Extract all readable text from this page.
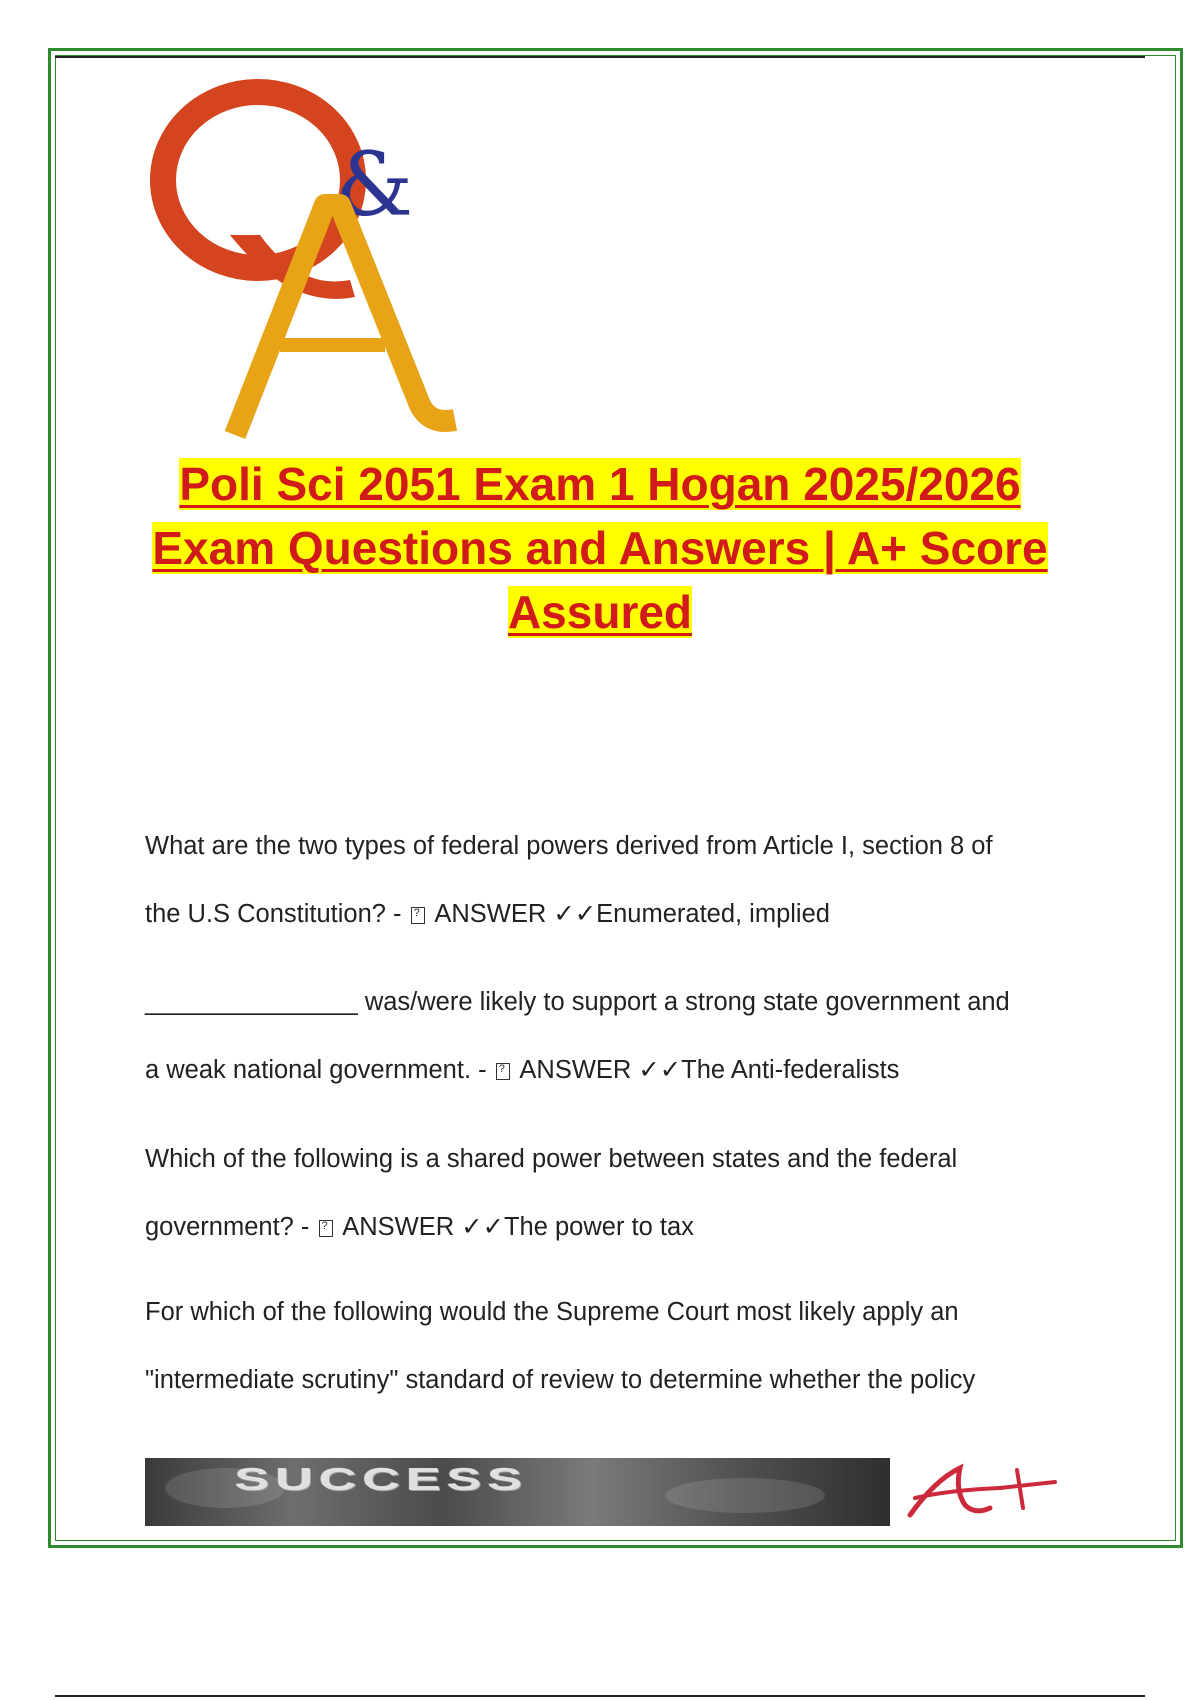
&
Poli Sci 2051 Exam 1 Hogan 2025/2026
Exam Questions and Answers | A+ Score
Assured
What are the two types of federal powers derived from Article I, section 8 of
the U.S Constitution? - ? ANSWER ✓✓Enumerated, implied
_______________ was/were likely to support a strong state government and
a weak national government. - ? ANSWER ✓✓The Anti-federalists
Which of the following is a shared power between states and the federal
government? - ? ANSWER ✓✓The power to tax
For which of the following would the Supreme Court most likely apply an
"intermediate scrutiny" standard of review to determine whether the policy
SUCCESS
